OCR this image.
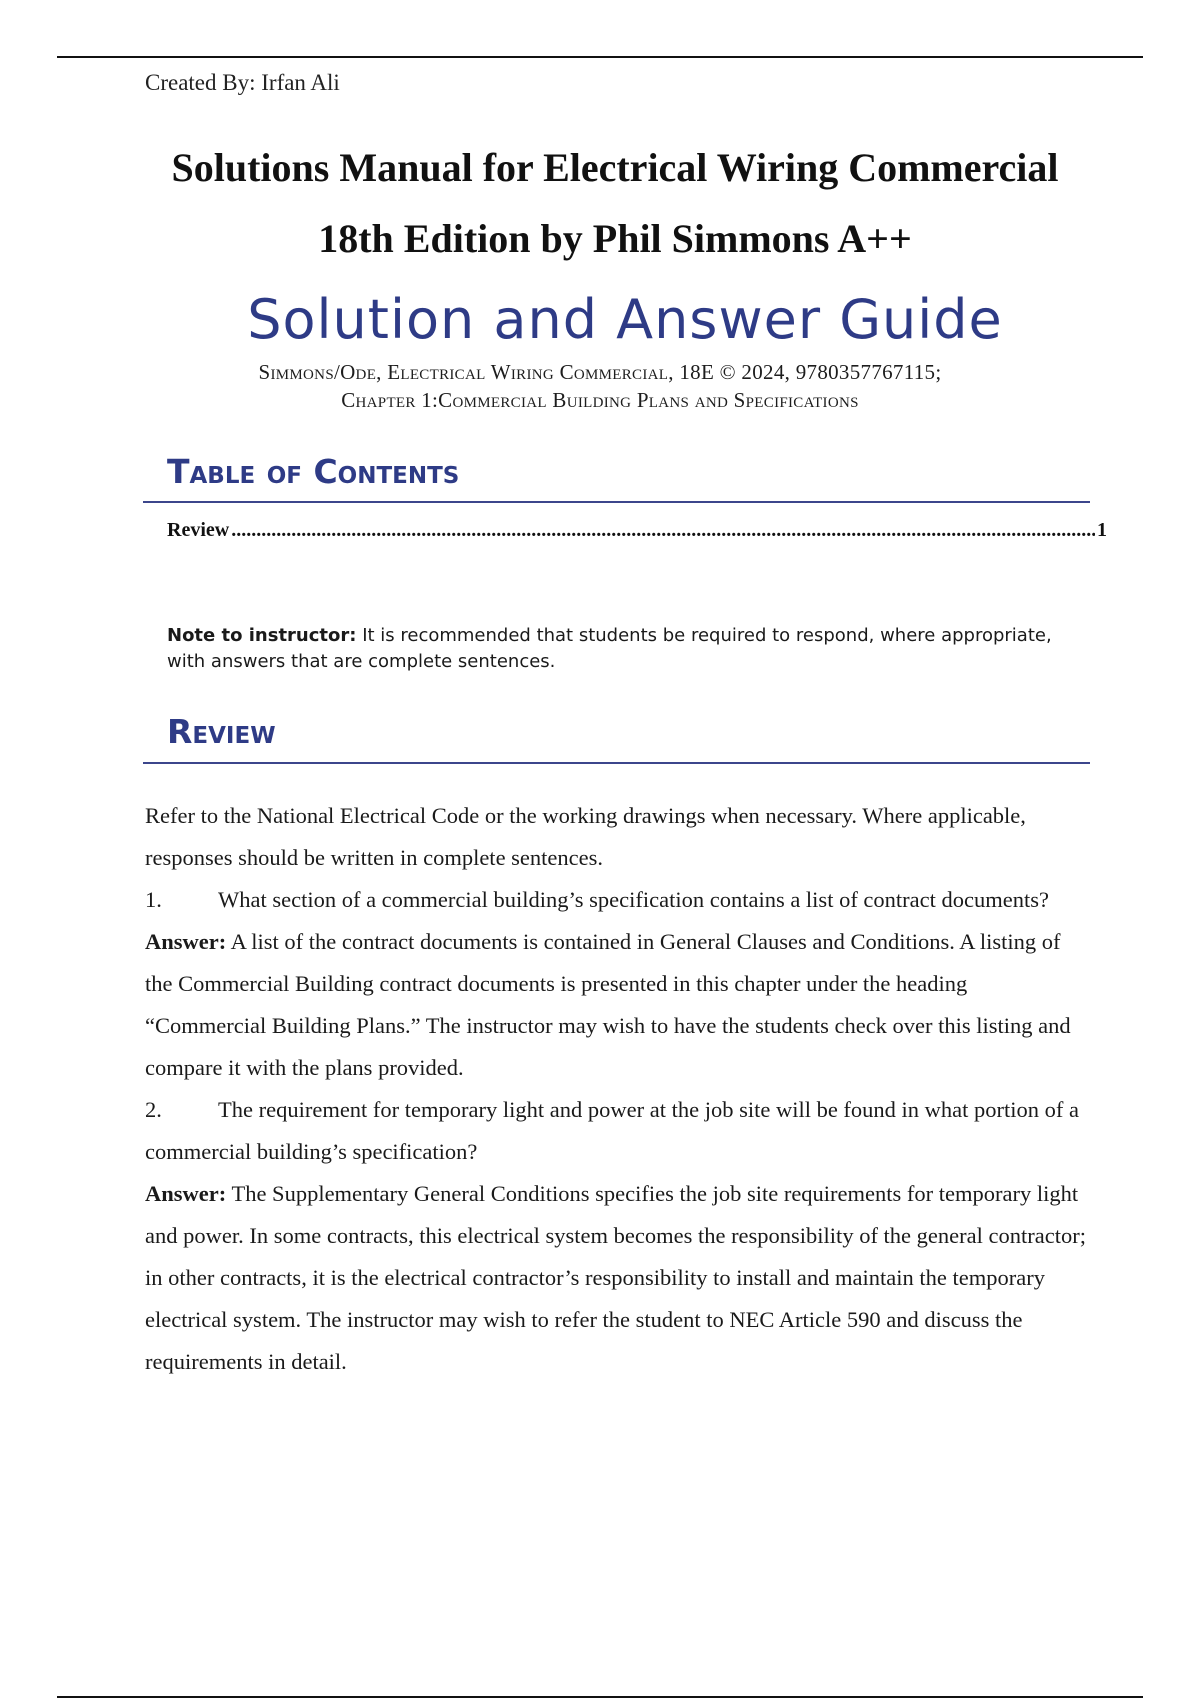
Created By: Irfan Ali
Solutions Manual for Electrical Wiring Commercial
18th Edition by Phil Simmons A++
Solution and Answer Guide
Simmons/Ode, Electrical Wiring Commercial, 18E © 2024, 9780357767115;
Chapter 1:Commercial Building Plans and Specifications
Table of Contents
Review
.....	1
Note to instructor: It is recommended that students be required to respond, where appropriate, with answers that are complete sentences.
Review

Refer to the National Electrical Code or the working drawings when necessary. Where applicable, responses should be written in complete sentences.

1. What section of a commercial building’s specification contains a list of contract documents?

Answer: A list of the contract documents is contained in General Clauses and Conditions. A listing of the Commercial Building contract documents is presented in this chapter under the heading “Commercial Building Plans.” The instructor may wish to have the students check over this listing and compare it with the plans provided.

2. The requirement for temporary light and power at the job site will be found in what portion of a commercial building’s specification?

Answer: The Supplementary General Conditions specifies the job site requirements for temporary light and power. In some contracts, this electrical system becomes the responsibility of the general contractor; in other contracts, it is the electrical contractor’s responsibility to install and maintain the temporary electrical system. The instructor may wish to refer the student to NEC Article 590 and discuss the requirements in detail.
